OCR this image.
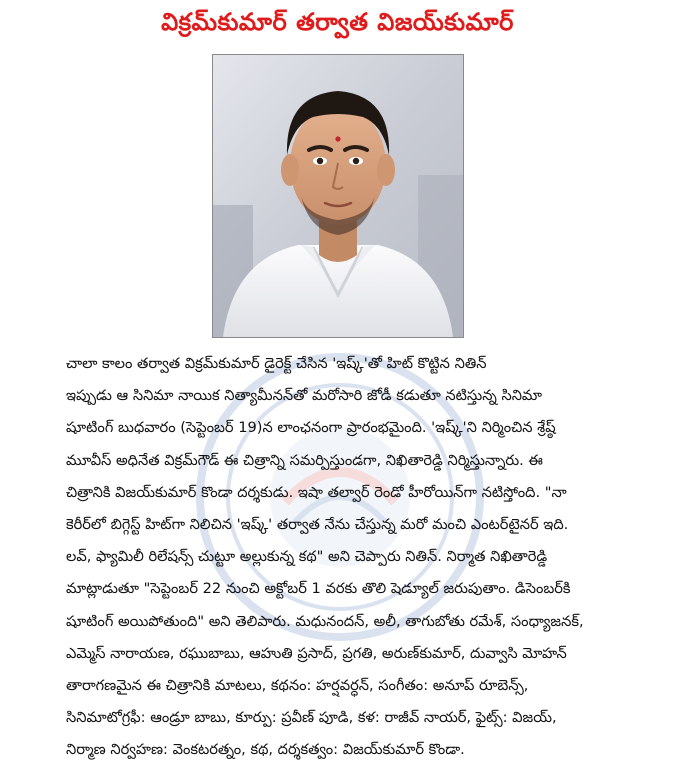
విక్రమ్‌కుమార్ తర్వాత విజయ్‌కుమార్

చాలా కాలం తర్వాత విక్రమ్‌కుమార్ డైరెక్ట్ చేసిన 'ఇష్క్'తో హిట్ కొట్టిన నితిన్

ఇప్పుడు ఆ సినిమా నాయిక నిత్యామీనన్‌తో మరోసారి జోడీ కడుతూ నటిస్తున్న సినిమా

షూటింగ్ బుధవారం (సెప్టెంబర్ 19)న లాంఛనంగా ప్రారంభమైంది. 'ఇష్క్'ని నిర్మించిన శ్రేష్ఠ్

మూవీస్ అధినేత విక్రమ్‌గౌడ్ ఈ చిత్రాన్ని సమర్పిస్తుండగా, నిఖితారెడ్డి నిర్మిస్తున్నారు. ఈ

చిత్రానికి విజయ్‌కుమార్ కొండా దర్శకుడు. ఇషా తల్వార్ రెండో హీరోయిన్‌గా నటిస్తోంది. "నా

కెరీర్‌లో బిగ్గెస్ట్ హిట్‌గా నిలిచిన 'ఇష్క్' తర్వాత నేను చేస్తున్న మరో మంచి ఎంటర్‌టైనర్ ఇది.

లవ్, ఫ్యామిలీ రిలేషన్స్ చుట్టూ అల్లుకున్న కథ" అని చెప్పారు నితిన్. నిర్మాత నిఖితారెడ్డి

మాట్లాడుతూ "సెప్టెంబర్ 22 నుంచి అక్టోబర్ 1 వరకు తొలి షెడ్యూల్ జరుపుతాం. డిసెంబర్‌కి

షూటింగ్ అయిపోతుంది" అని తెలిపారు. మధునందన్, అలీ, తాగుబోతు రమేశ్, సంధ్యాజనక్,

ఎమ్మెస్ నారాయణ, రఘుబాబు, ఆహుతి ప్రసాద్, ప్రగతి, అరుణ్‌కుమార్, దువ్వాసి మోహన్

తారాగణమైన ఈ చిత్రానికి మాటలు, కథనం: హర్షవర్ధన్, సంగీతం: అనూప్ రూబెన్స్,

సినిమాటోగ్రఫీ: ఆండ్రూ బాబు, కూర్పు: ప్రవీణ్ పూడి, కళ: రాజీవ్ నాయర్, ఫైట్స్: విజయ్,

నిర్మాణ నిర్వహణ: వెంకటరత్నం, కథ, దర్శకత్వం: విజయ్‌కుమార్ కొండా.
